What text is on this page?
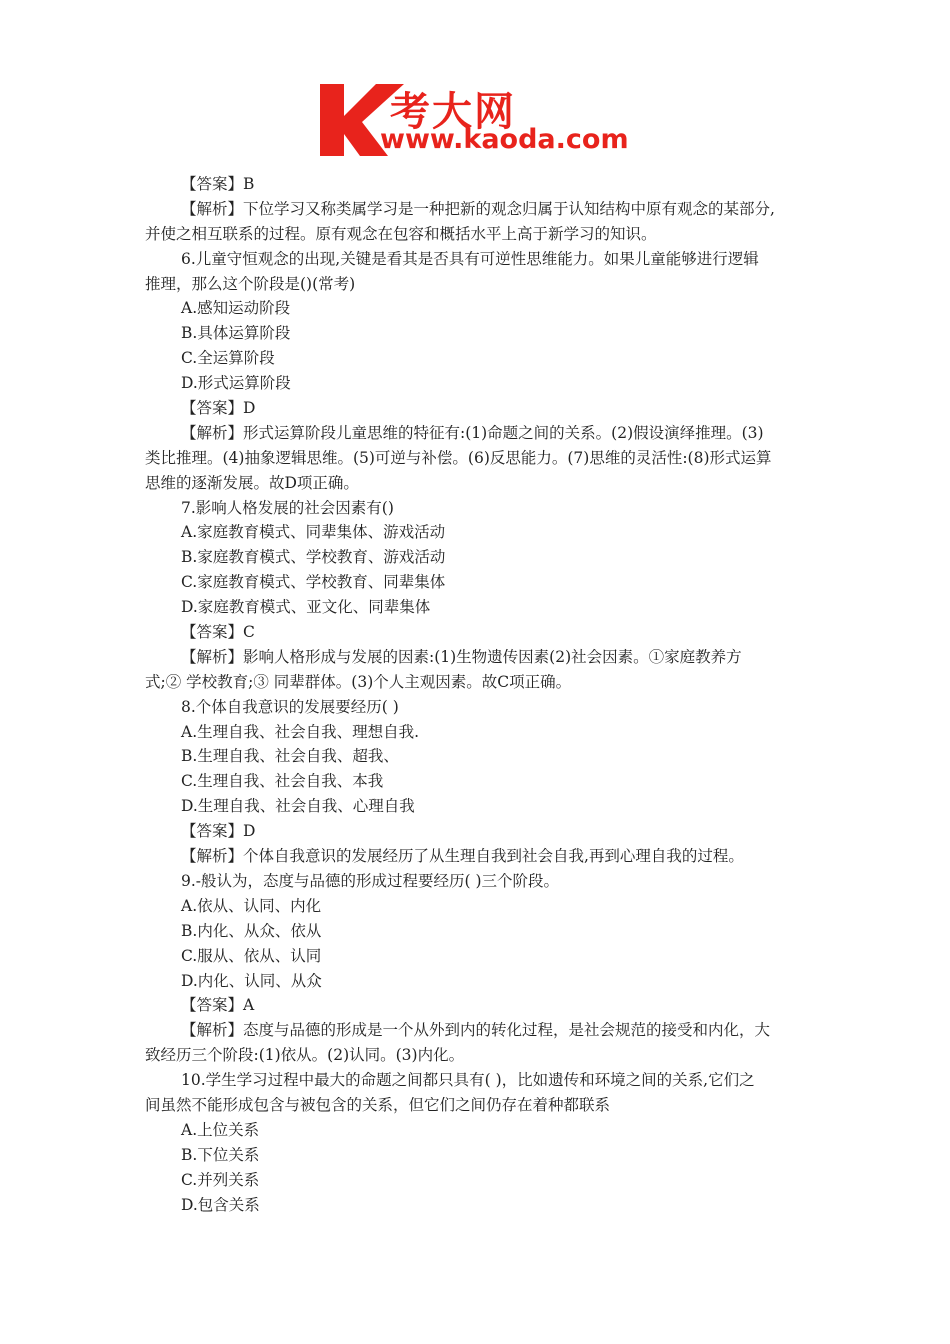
考大网
www.kaoda.com
【答案】B
【解析】下位学习又称类属学习是一种把新的观念归属于认知结构中原有观念的某部分,
并使之相互联系的过程。原有观念在包容和概括水平上高于新学习的知识。
6.儿童守恒观念的出现,关键是看其是否具有可逆性思维能力。如果儿童能够进行逻辑
推理，那么这个阶段是()(常考)
A.感知运动阶段
B.具体运算阶段
C.全运算阶段
D.形式运算阶段
【答案】D
【解析】形式运算阶段儿童思维的特征有:(1)命题之间的关系。(2)假设演绎推理。(3)
类比推理。(4)抽象逻辑思维。(5)可逆与补偿。(6)反思能力。(7)思维的灵活性:(8)形式运算
思维的逐渐发展。故D项正确。
7.影响人格发展的社会因素有()
A.家庭教育模式、同辈集体、游戏活动
B.家庭教育模式、学校教育、游戏活动
C.家庭教育模式、学校教育、同辈集体
D.家庭教育模式、亚文化、同辈集体
【答案】C
【解析】影响人格形成与发展的因素:(1)生物遗传因素(2)社会因素。①家庭教养方
式;② 学校教育;③ 同辈群体。(3)个人主观因素。故C项正确。
8.个体自我意识的发展要经历( )
A.生理自我、社会自我、理想自我.
B.生理自我、社会自我、超我、
C.生理自我、社会自我、本我
D.生理自我、社会自我、心理自我
【答案】D
【解析】个体自我意识的发展经历了从生理自我到社会自我,再到心理自我的过程。
9.-般认为，态度与品德的形成过程要经历( )三个阶段。
A.依从、认同、内化
B.内化、从众、依从
C.服从、依从、认同
D.内化、认同、从众
【答案】A
【解析】态度与品德的形成是一个从外到内的转化过程，是社会规范的接受和内化，大
致经历三个阶段:(1)依从。(2)认同。(3)内化。
10.学生学习过程中最大的命题之间都只具有( )，比如遗传和环境之间的关系,它们之
间虽然不能形成包含与被包含的关系，但它们之间仍存在着种都联系
A.上位关系
B.下位关系
C.并列关系
D.包含关系
